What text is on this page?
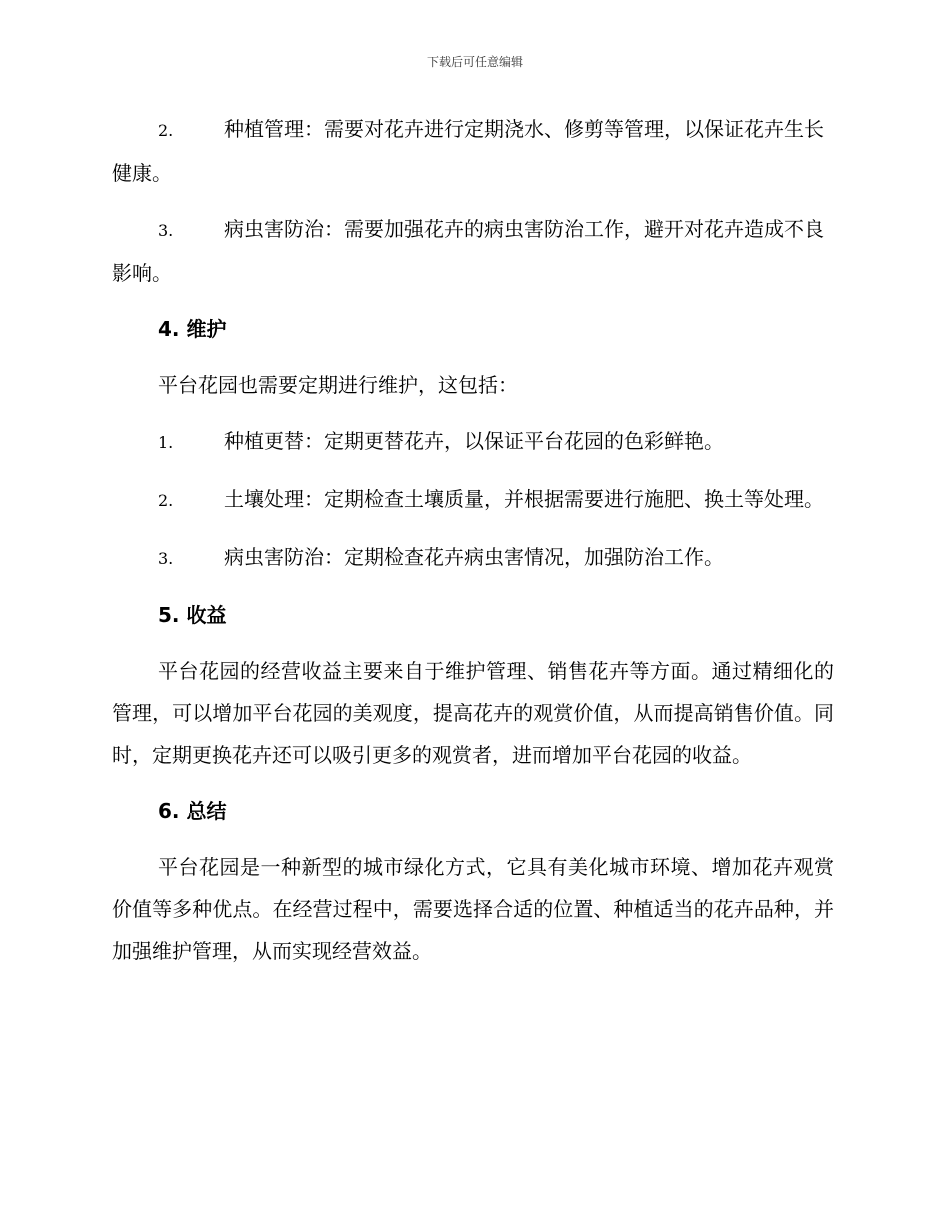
下载后可任意编辑
2.	种植管理：需要对花卉进行定期浇水、修剪等管理，以保证花卉生长健康。
3.	病虫害防治：需要加强花卉的病虫害防治工作，避开对花卉造成不良影响。
4. 维护
平台花园也需要定期进行维护，这包括：
1.	种植更替：定期更替花卉，以保证平台花园的色彩鲜艳。
2.	土壤处理：定期检查土壤质量，并根据需要进行施肥、换土等处理。
3.	病虫害防治：定期检查花卉病虫害情况，加强防治工作。
5. 收益
平台花园的经营收益主要来自于维护管理、销售花卉等方面。通过精细化的管理，可以增加平台花园的美观度，提高花卉的观赏价值，从而提高销售价值。同时，定期更换花卉还可以吸引更多的观赏者，进而增加平台花园的收益。
6. 总结
平台花园是一种新型的城市绿化方式，它具有美化城市环境、增加花卉观赏价值等多种优点。在经营过程中，需要选择合适的位置、种植适当的花卉品种，并加强维护管理，从而实现经营效益。
